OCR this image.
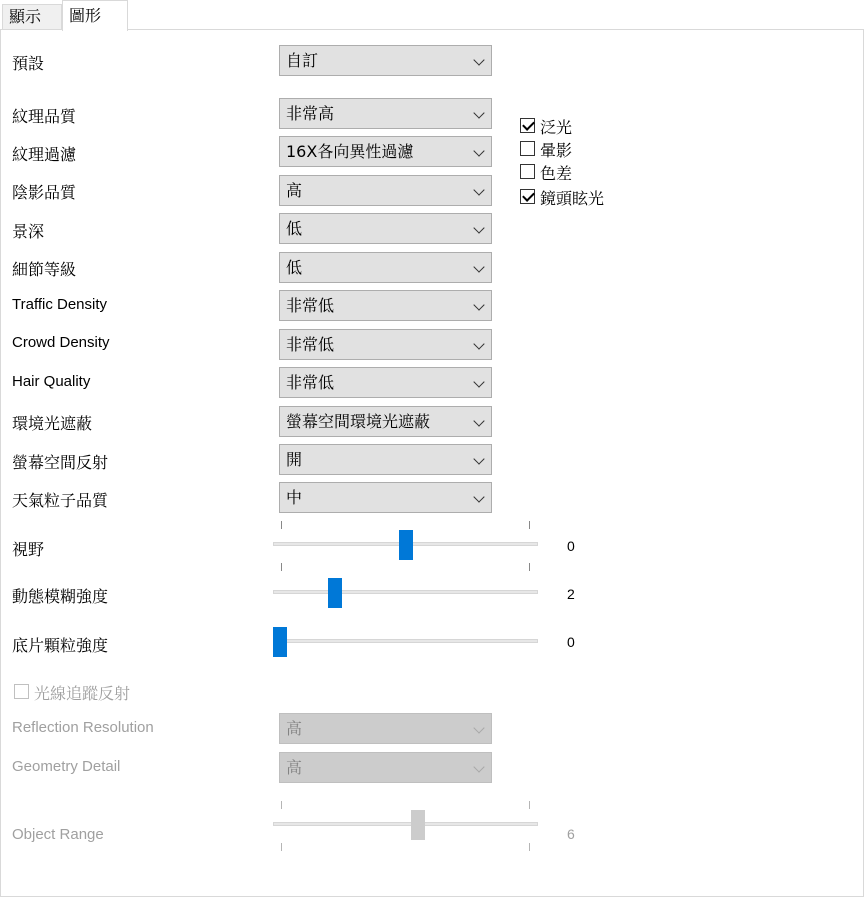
顯示	圖形
預設	自訂
紋理品質	非常高
紋理過濾	16X各向異性過濾
陰影品質	高
景深	低
細節等級	低
Traffic Density	非常低
Crowd Density	非常低
Hair Quality	非常低
環境光遮蔽	螢幕空間環境光遮蔽
螢幕空間反射	開
天氣粒子品質	中
泛光
暈影
色差
鏡頭眩光
視野	0
動態模糊強度	2
底片顆粒強度	0
光線追蹤反射
Reflection Resolution	高
Geometry Detail	高
Object Range	6
